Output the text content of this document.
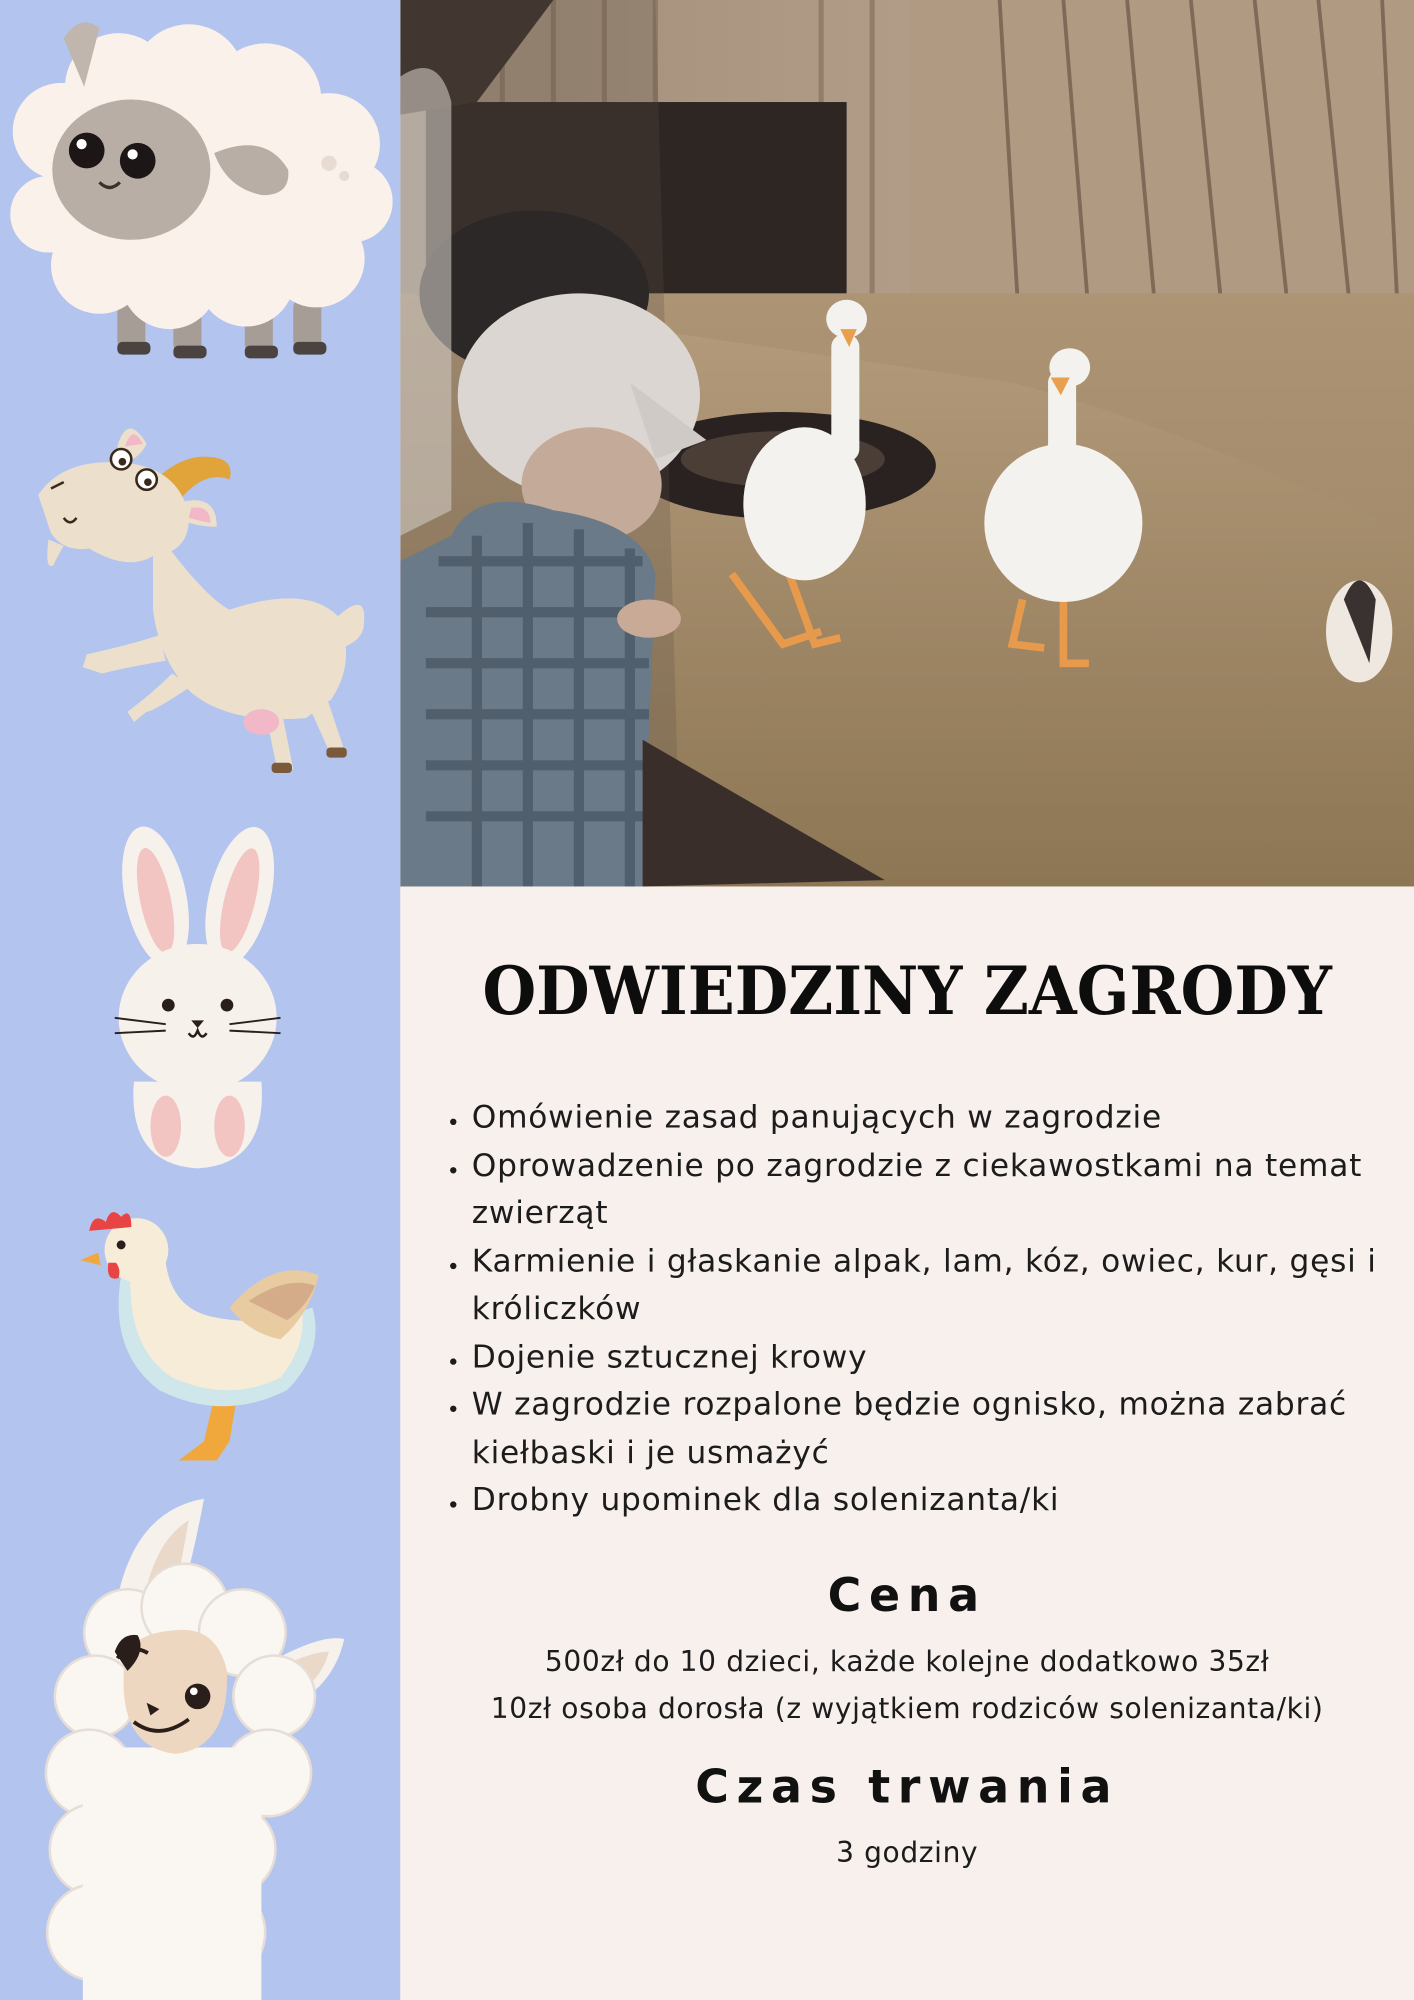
ODWIEDZINY ZAGRODY
• Omówienie zasad panujących w zagrodzie
• Oprowadzenie po zagrodzie z ciekawostkami na temat zwierząt
• Karmienie i głaskanie alpak, lam, kóz, owiec, kur, gęsi i króliczków
• Dojenie sztucznej krowy
• W zagrodzie rozpalone będzie ognisko, można zabrać kiełbaski i je usmażyć
• Drobny upominek dla solenizanta/ki
Cena

500zł do 10 dzieci, każde kolejne dodatkowo 35zł

10zł osoba dorosła (z wyjątkiem rodziców solenizanta/ki)

Czas trwania

3 godziny
